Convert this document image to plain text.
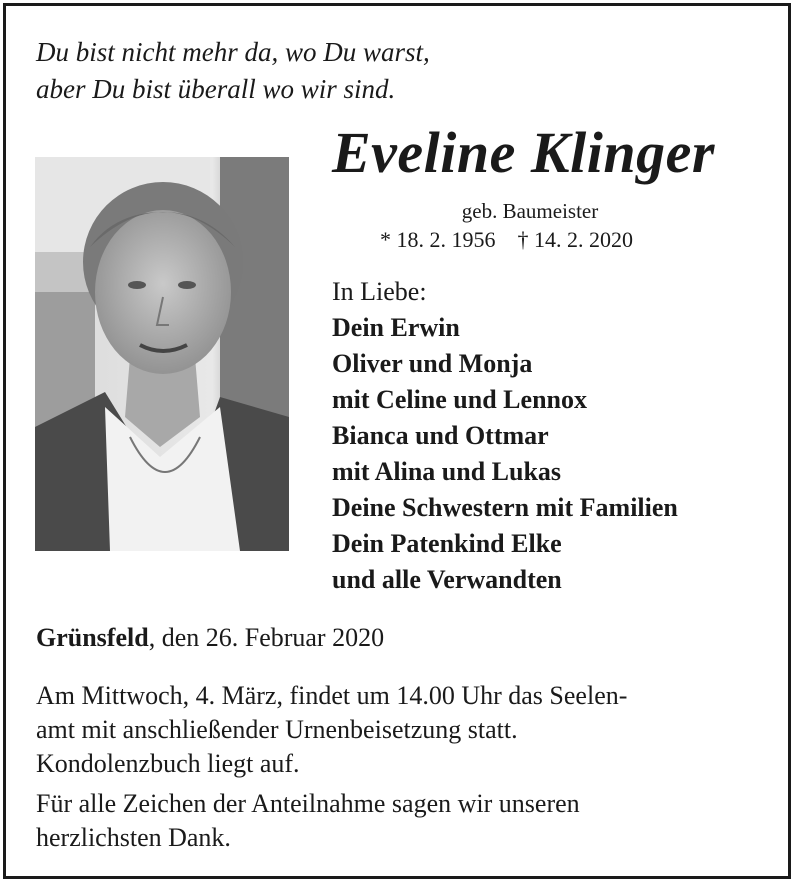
Du bist nicht mehr da, wo Du warst,
aber Du bist überall wo wir sind.
Eveline Klinger
geb. Baumeister
* 18. 2. 1956 † 14. 2. 2020
In Liebe:
Dein Erwin
Oliver und Monja
mit Celine und Lennox
Bianca und Ottmar
mit Alina und Lukas
Deine Schwestern mit Familien
Dein Patenkind Elke
und alle Verwandten
Grünsfeld, den 26. Februar 2020
Am Mittwoch, 4. März, findet um 14.00 Uhr das Seelen-
amt mit anschließender Urnenbeisetzung statt.
Kondolenzbuch liegt auf.
Für alle Zeichen der Anteilnahme sagen wir unseren
herzlichsten Dank.
